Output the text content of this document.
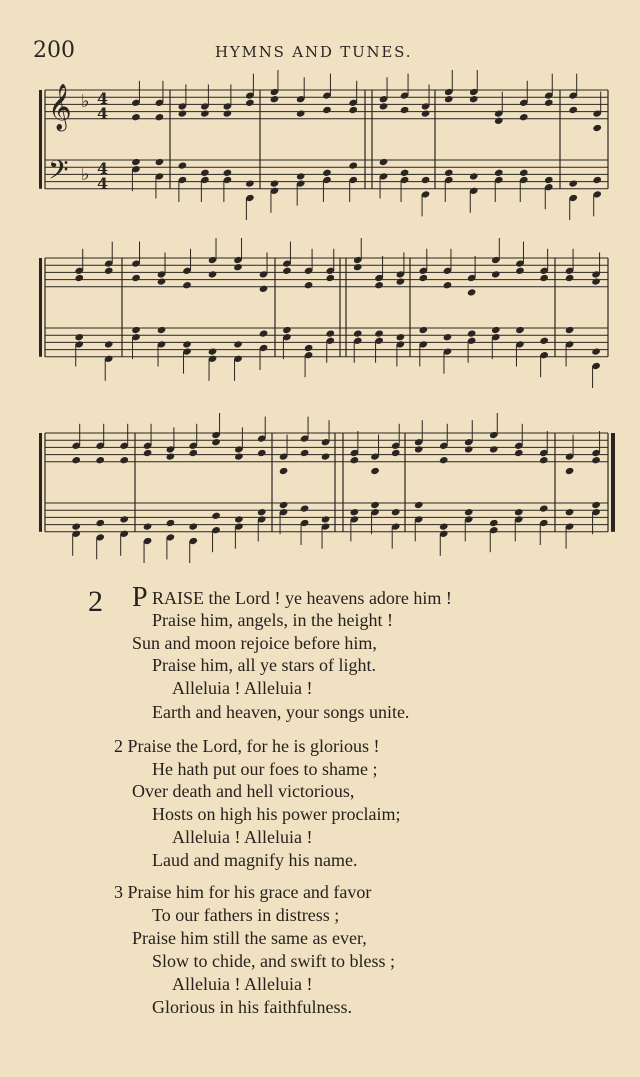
200	HYMNS AND TUNES.
𝄞
𝄢
♭
♭
4
4
4
4
2 P RAISE the Lord ! ye heavens adore him !
Praise him, angels, in the height !
Sun and moon rejoice before him,
Praise him, all ye stars of light.
Alleluia ! Alleluia !
Earth and heaven, your songs unite.
2 Praise the Lord, for he is glorious !
He hath put our foes to shame ;
Over death and hell victorious,
Hosts on high his power proclaim;
Alleluia ! Alleluia !
Laud and magnify his name.
3 Praise him for his grace and favor
To our fathers in distress ;
Praise him still the same as ever,
Slow to chide, and swift to bless ;
Alleluia ! Alleluia !
Glorious in his faithfulness.
